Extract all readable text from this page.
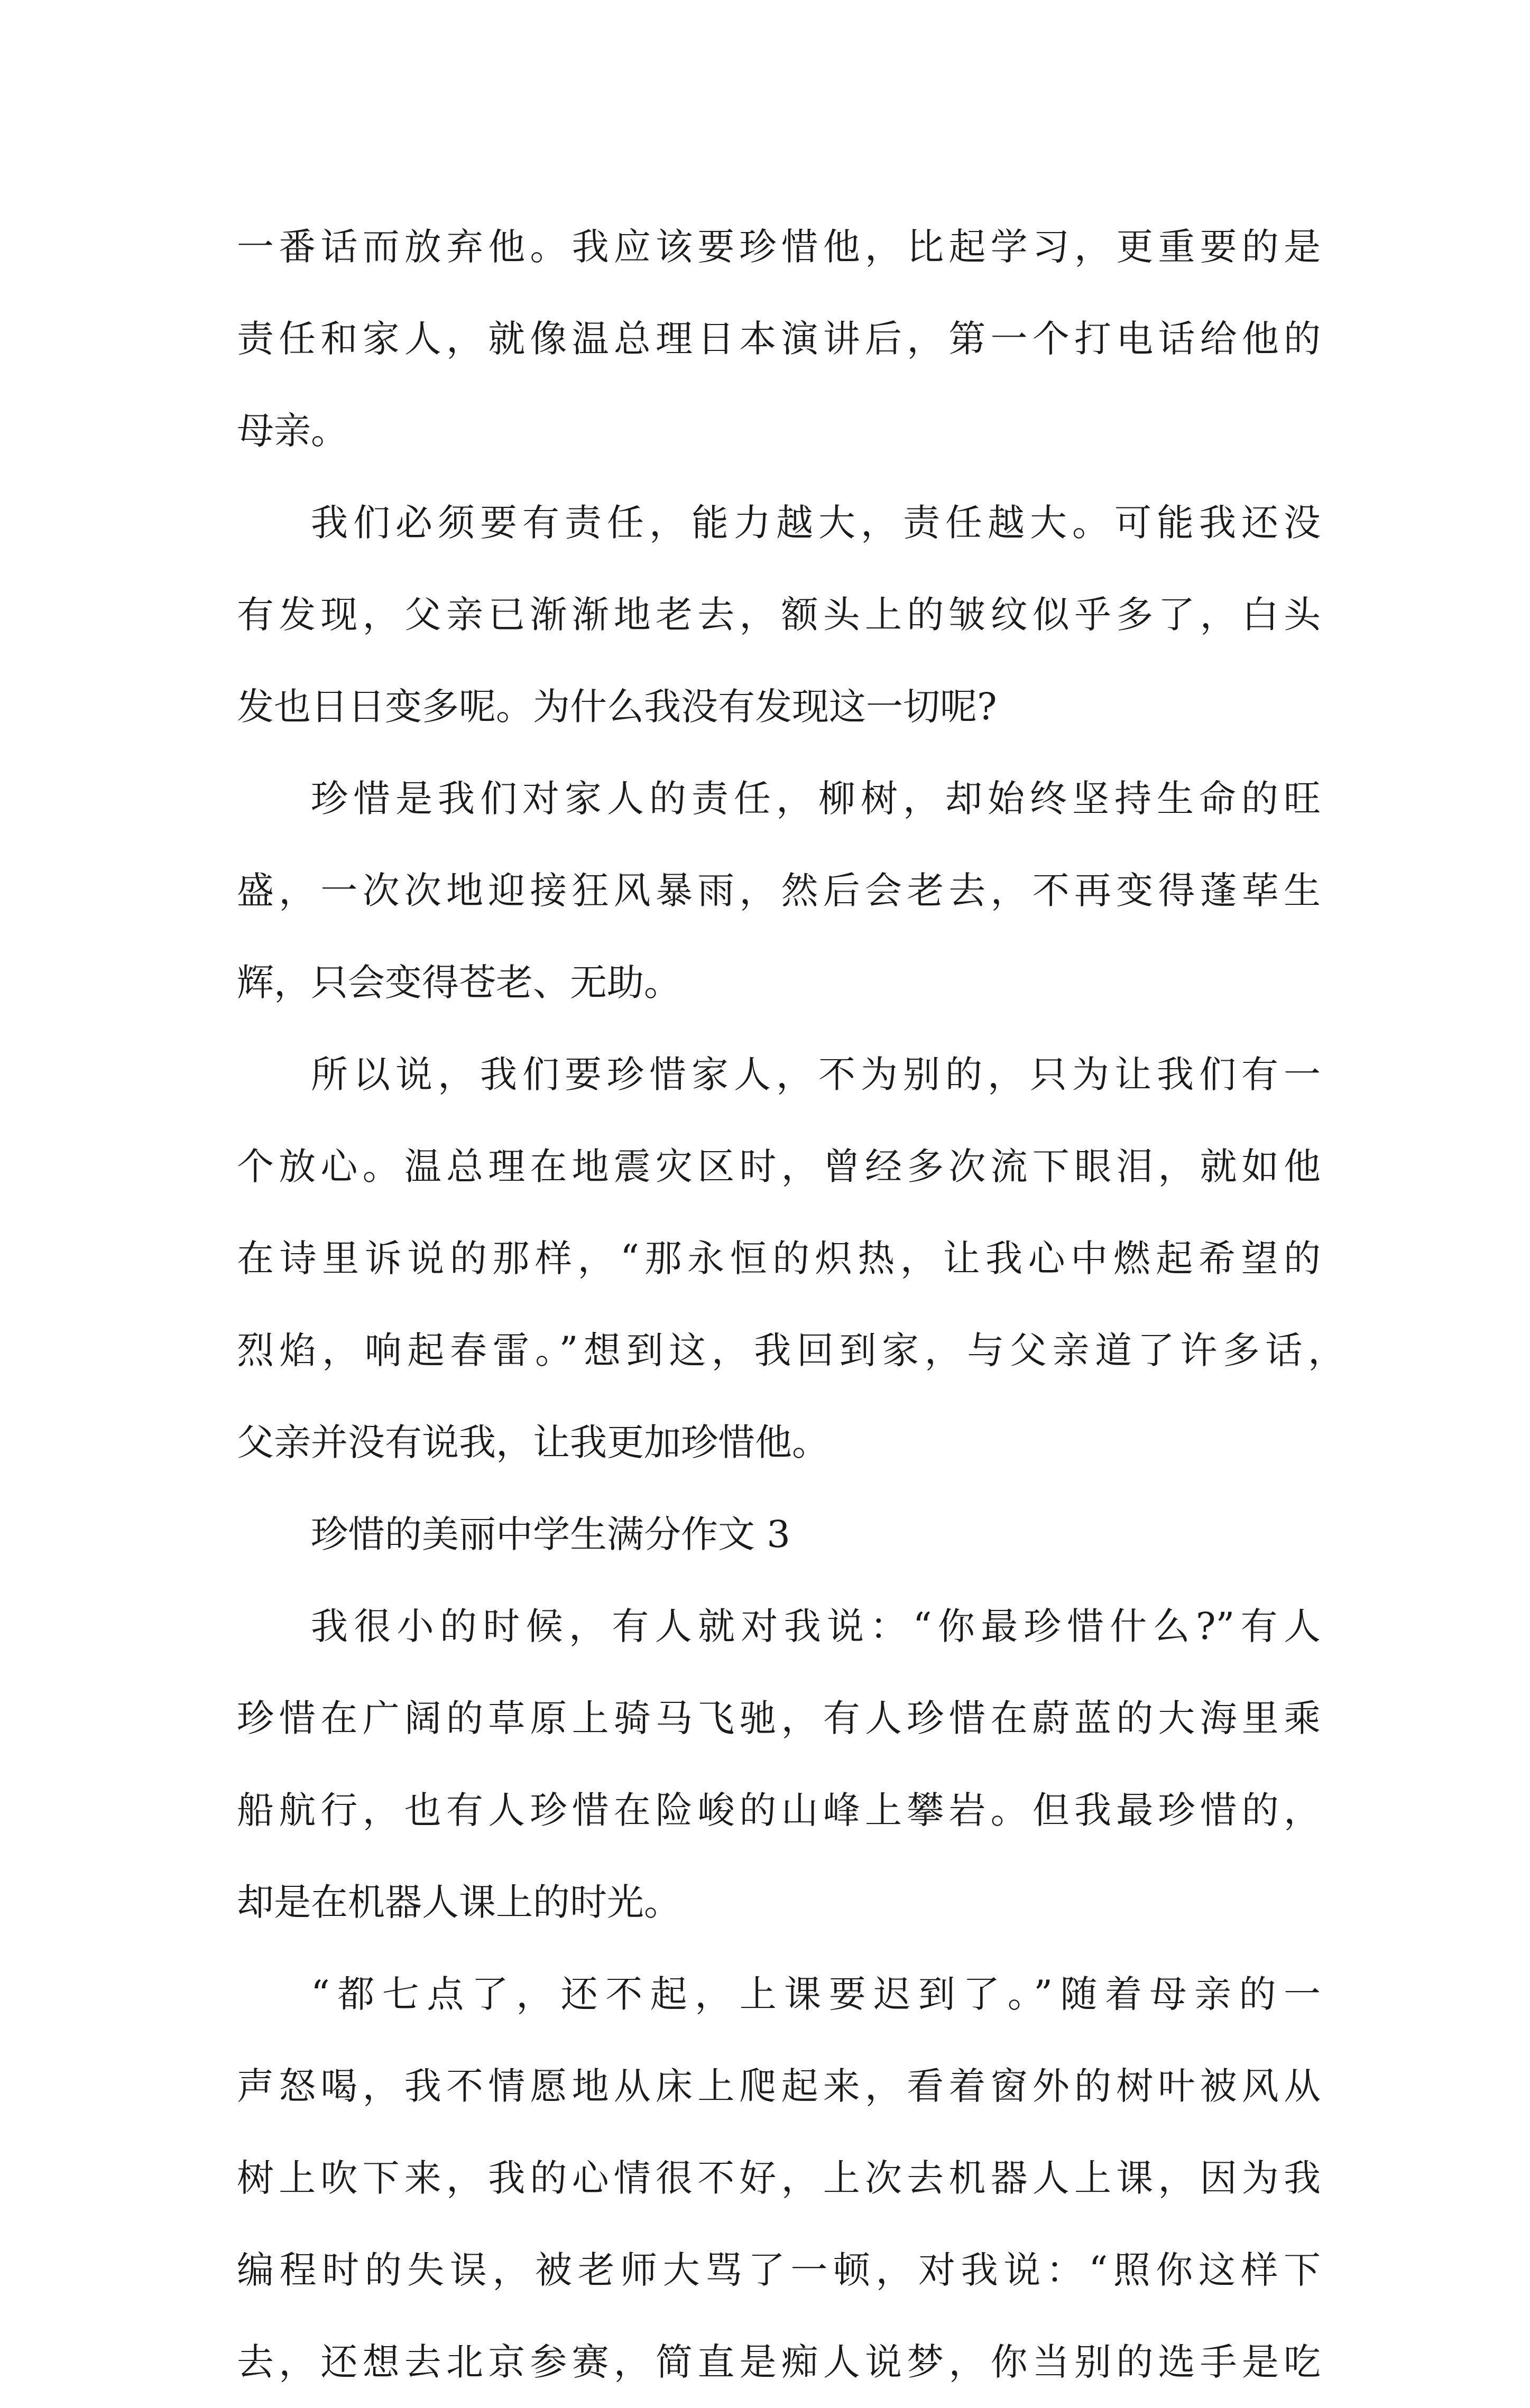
一番话而放弃他。我应该要珍惜他，比起学习，更重要的是
责任和家人，就像温总理日本演讲后，第一个打电话给他的
母亲。
我们必须要有责任，能力越大，责任越大。可能我还没
有发现，父亲已渐渐地老去，额头上的皱纹似乎多了，白头
发也日日变多呢。为什么我没有发现这一切呢?
珍惜是我们对家人的责任，柳树，却始终坚持生命的旺
盛，一次次地迎接狂风暴雨，然后会老去，不再变得蓬荜生
辉，只会变得苍老、无助。
所以说，我们要珍惜家人，不为别的，只为让我们有一
个放心。温总理在地震灾区时，曾经多次流下眼泪，就如他
在诗里诉说的那样，“那永恒的炽热，让我心中燃起希望的
烈焰，响起春雷。”想到这，我回到家，与父亲道了许多话，
父亲并没有说我，让我更加珍惜他。
珍惜的美丽中学生满分作文 3
我很小的时候，有人就对我说：“你最珍惜什么?”有人
珍惜在广阔的草原上骑马飞驰，有人珍惜在蔚蓝的大海里乘
船航行，也有人珍惜在险峻的山峰上攀岩。但我最珍惜的，
却是在机器人课上的时光。
“都七点了，还不起，上课要迟到了。”随着母亲的一
声怒喝，我不情愿地从床上爬起来，看着窗外的树叶被风从
树上吹下来，我的心情很不好，上次去机器人上课，因为我
编程时的失误，被老师大骂了一顿，对我说：“照你这样下
去，还想去北京参赛，简直是痴人说梦，你当别的选手是吃
